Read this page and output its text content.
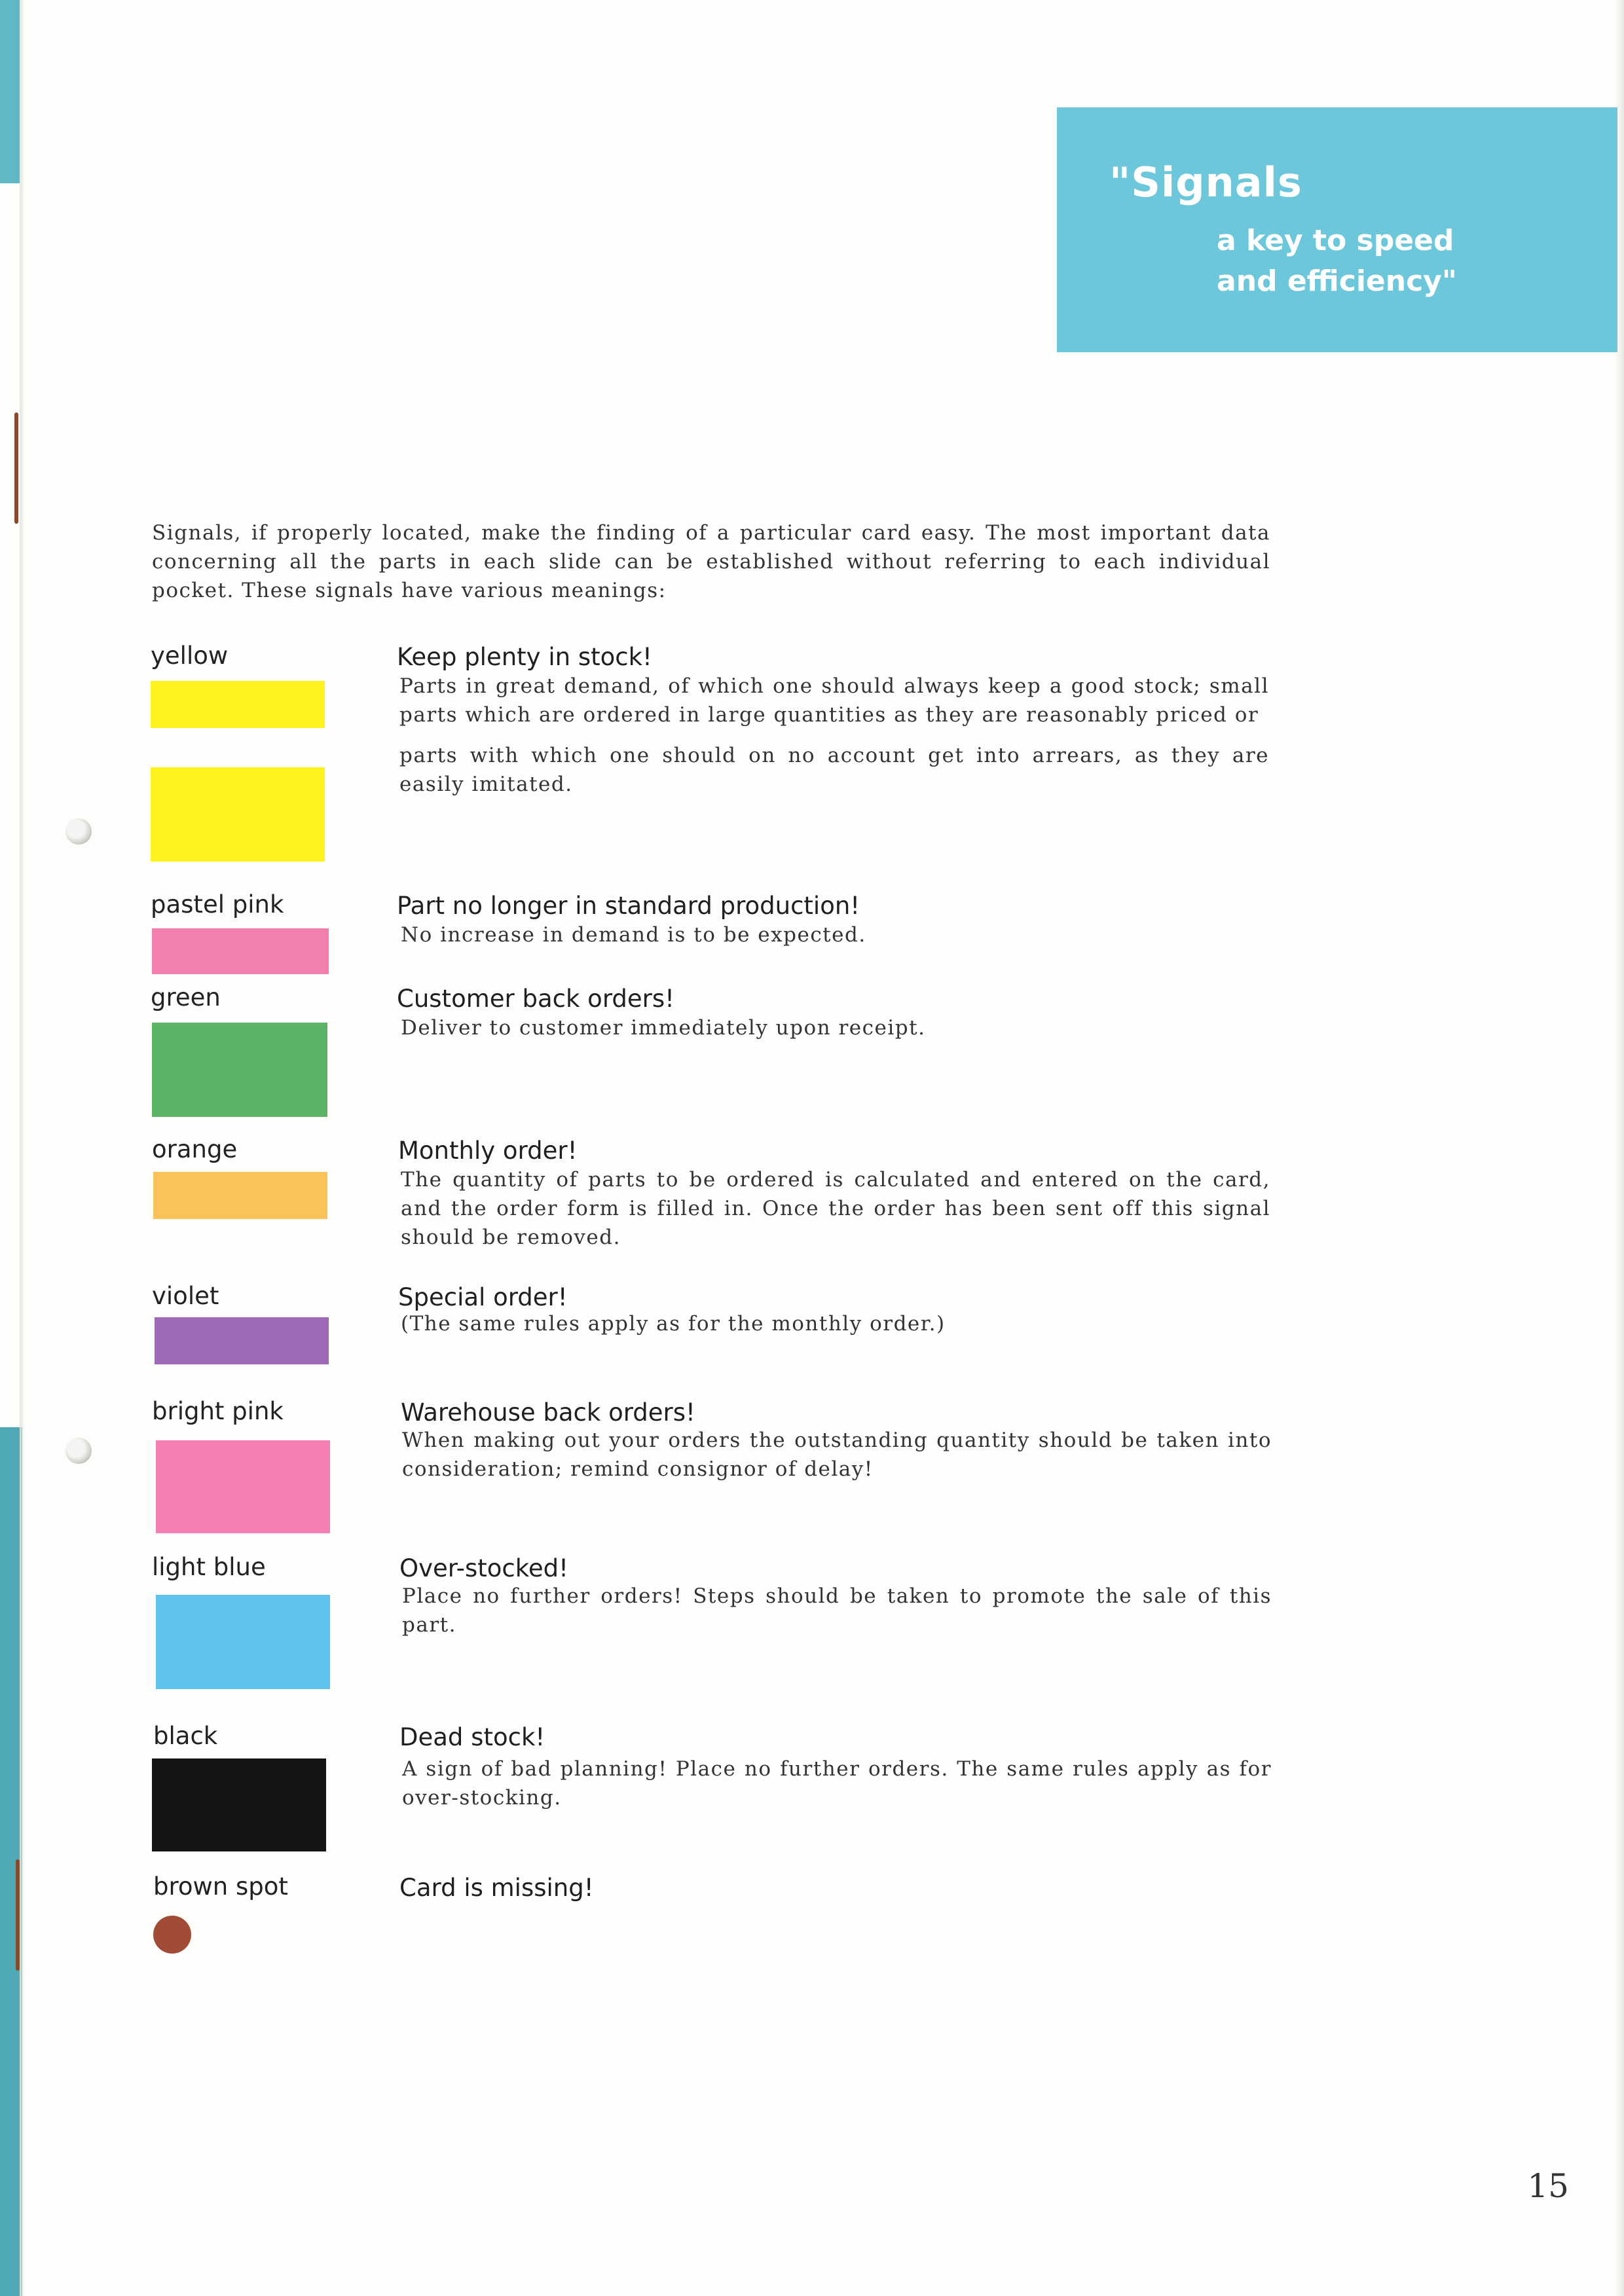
"Signals
a key to speed
and efficiency"
Signals, if properly located, make the finding of a particular card easy. The most important data concerning all the parts in each slide can be established without referring to each individual pocket. These signals have various meanings:
yellow	Keep plenty in stock!
Parts in great demand, of which one should always keep a good stock; small parts which are ordered in large quantities as they are reasonably priced or
parts with which one should on no account get into arrears, as they are easily imitated.
pastel pink	Part no longer in standard production!
No increase in demand is to be expected.
green	Customer back orders!
Deliver to customer immediately upon receipt.
orange	Monthly order!
The quantity of parts to be ordered is calculated and entered on the card, and the order form is filled in. Once the order has been sent off this signal should be removed.
violet	Special order!
(The same rules apply as for the monthly order.)
bright pink	Warehouse back orders!
When making out your orders the outstanding quantity should be taken into consideration; remind consignor of delay!
light blue	Over-stocked!
Place no further orders! Steps should be taken to promote the sale of this part.
black	Dead stock!
A sign of bad planning! Place no further orders. The same rules apply as for over-stocking.
brown spot	Card is missing!
15
